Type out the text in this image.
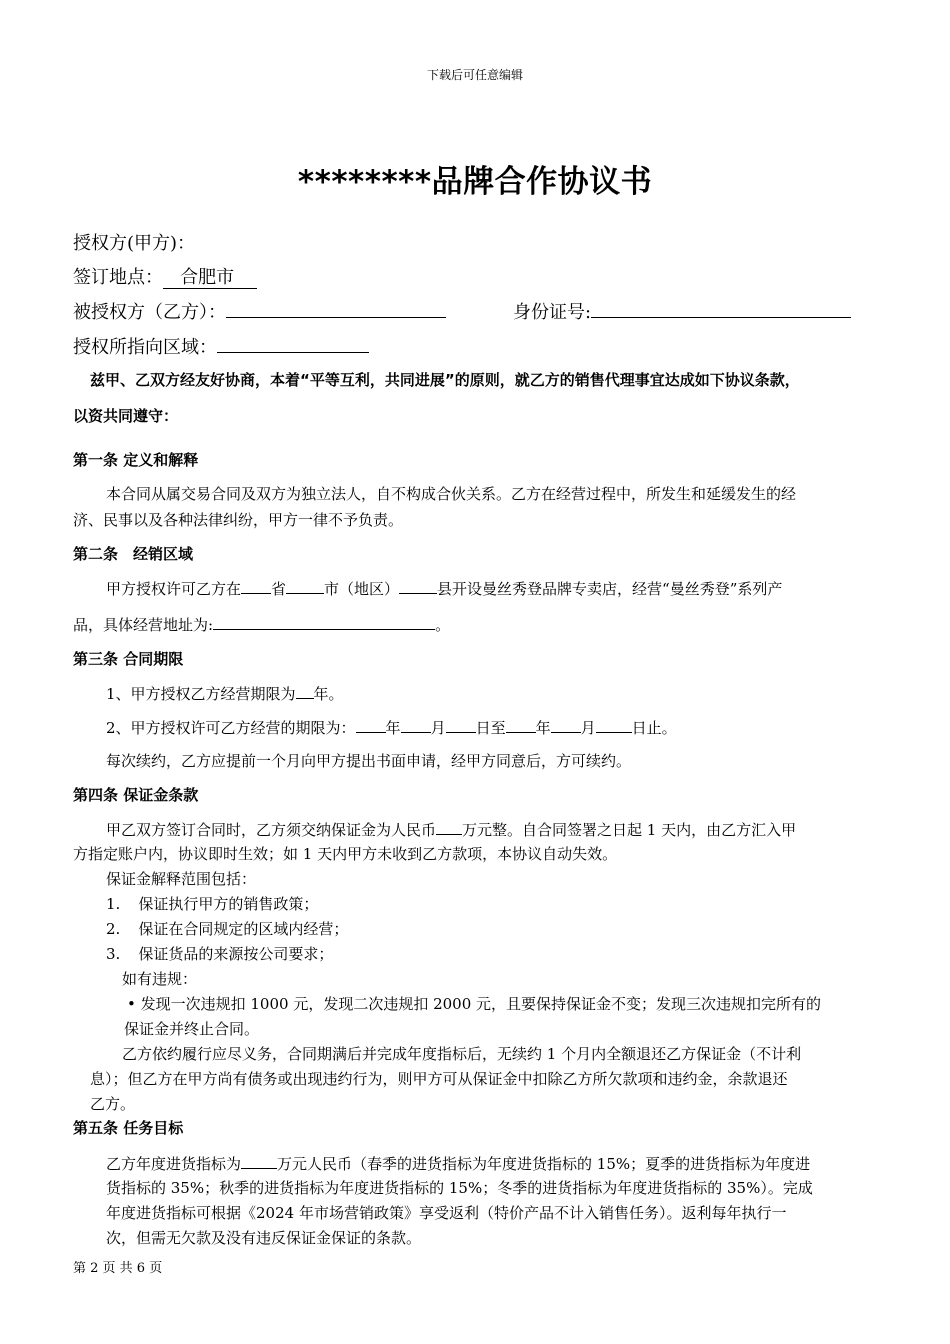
下载后可任意编辑
********品牌合作协议书
授权方(甲方)：
签订地点： 合肥市
被授权方（乙方）：	身份证号:
授权所指向区域：
兹甲、乙双方经友好协商，本着“平等互利，共同进展”的原则，就乙方的销售代理事宜达成如下协议条款，
以资共同遵守：
第一条 定义和解释
本合同从属交易合同及双方为独立法人，自不构成合伙关系。乙方在经营过程中，所发生和延缓发生的经
济、民事以及各种法律纠纷，甲方一律不予负责。
第二条　经销区域
甲方授权许可乙方在 省	市（地区）	县开设曼丝秀登品牌专卖店，经营“曼丝秀登”系列产
品，具体经营地址为:	。
第三条 合同期限
1、甲方授权乙方经营期限为 年。
2、甲方授权许可乙方经营的期限为： 年 月 日至 年 月 日止。
每次续约，乙方应提前一个月向甲方提出书面申请，经甲方同意后，方可续约。
第四条 保证金条款
甲乙双方签订合同时，乙方须交纳保证金为人民币 万元整。自合同签署之日起 1 天内，由乙方汇入甲
方指定账户内，协议即时生效；如 1 天内甲方未收到乙方款项，本协议自动失效。
保证金解释范围包括：
1. 保证执行甲方的销售政策；
2. 保证在合同规定的区域内经营；
3. 保证货品的来源按公司要求；
如有违规：
• 发现一次违规扣 1000 元，发现二次违规扣 2000 元，且要保持保证金不变；发现三次违规扣完所有的
保证金并终止合同。
乙方依约履行应尽义务，合同期满后并完成年度指标后，无续约 1 个月内全额退还乙方保证金（不计利
息）；但乙方在甲方尚有债务或出现违约行为，则甲方可从保证金中扣除乙方所欠款项和违约金，余款退还
乙方。
第五条 任务目标
乙方年度进货指标为 万元人民币（春季的进货指标为年度进货指标的 15%；夏季的进货指标为年度进
货指标的 35%；秋季的进货指标为年度进货指标的 15%；冬季的进货指标为年度进货指标的 35%）。完成
年度进货指标可根据《2024 年市场营销政策》享受返利（特价产品不计入销售任务）。返利每年执行一
次，但需无欠款及没有违反保证金保证的条款。
第 2 页 共 6 页
